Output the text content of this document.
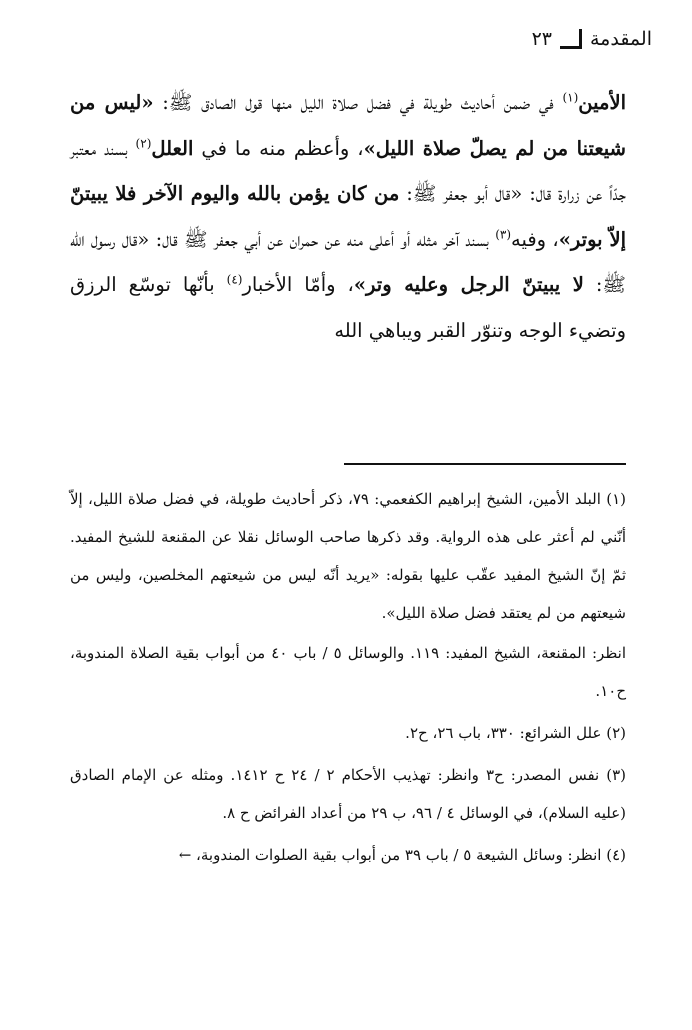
المقدمة
٢٣

الأمين$^{(١)}$ في ضمن أحاديث طويلة في فضل صلاة الليل منها قول الصادق ﷺ: «ليس من شيعتنا من لم يصلّ صلاة الليل»، وأعظم منه ما في العلل$^{(٢)}$ بسند معتبر جدّاً عن زرارة قال: «قال أبو جعفر ﷺ: من كان يؤمن بالله واليوم الآخر فلا يبيتنّ إلاّ بوتر»، وفيه$^{(٣)}$ بسند آخر مثله أو أعلى منه عن حمران عن أبي جعفر ﷺ قال: «قال رسول الله ﷺ: لا يبيتنّ الرجل وعليه وتر»، وأمّا الأخبار$^{(٤)}$ بأنّها توسّع الرزق وتضيء الوجه وتنوّر القبر ويباهي الله

(١) البلد الأمين، الشيخ إبراهيم الكفعمي: ٧٩، ذكر أحاديث طويلة، في فضل صلاة الليل، إلاّ أنّني لم أعثر على هذه الرواية. وقد ذكرها صاحب الوسائل نقلا عن المقنعة للشيخ المفيد. ثمّ إنّ الشيخ المفيد عقّب عليها بقوله: «يريد أنّه ليس من شيعتهم المخلصين، وليس من شيعتهم من لم يعتقد فضل صلاة الليل».

انظر: المقنعة، الشيخ المفيد: ١١٩. والوسائل ٥ / باب ٤٠ من أبواب بقية الصلاة المندوبة، ح١٠.

(٢) علل الشرائع: ٣٣٠، باب ٢٦، ح٢.

(٣) نفس المصدر: ح٣ وانظر: تهذيب الأحكام ٢ / ٢٤ ح ١٤١٢. ومثله عن الإمام الصادق (عليه السلام)، في الوسائل ٤ / ٩٦، ب ٢٩ من أعداد الفرائض ح ٨.

(٤) انظر: وسائل الشيعة ٥ / باب ٣٩ من أبواب بقية الصلوات المندوبة، ←
